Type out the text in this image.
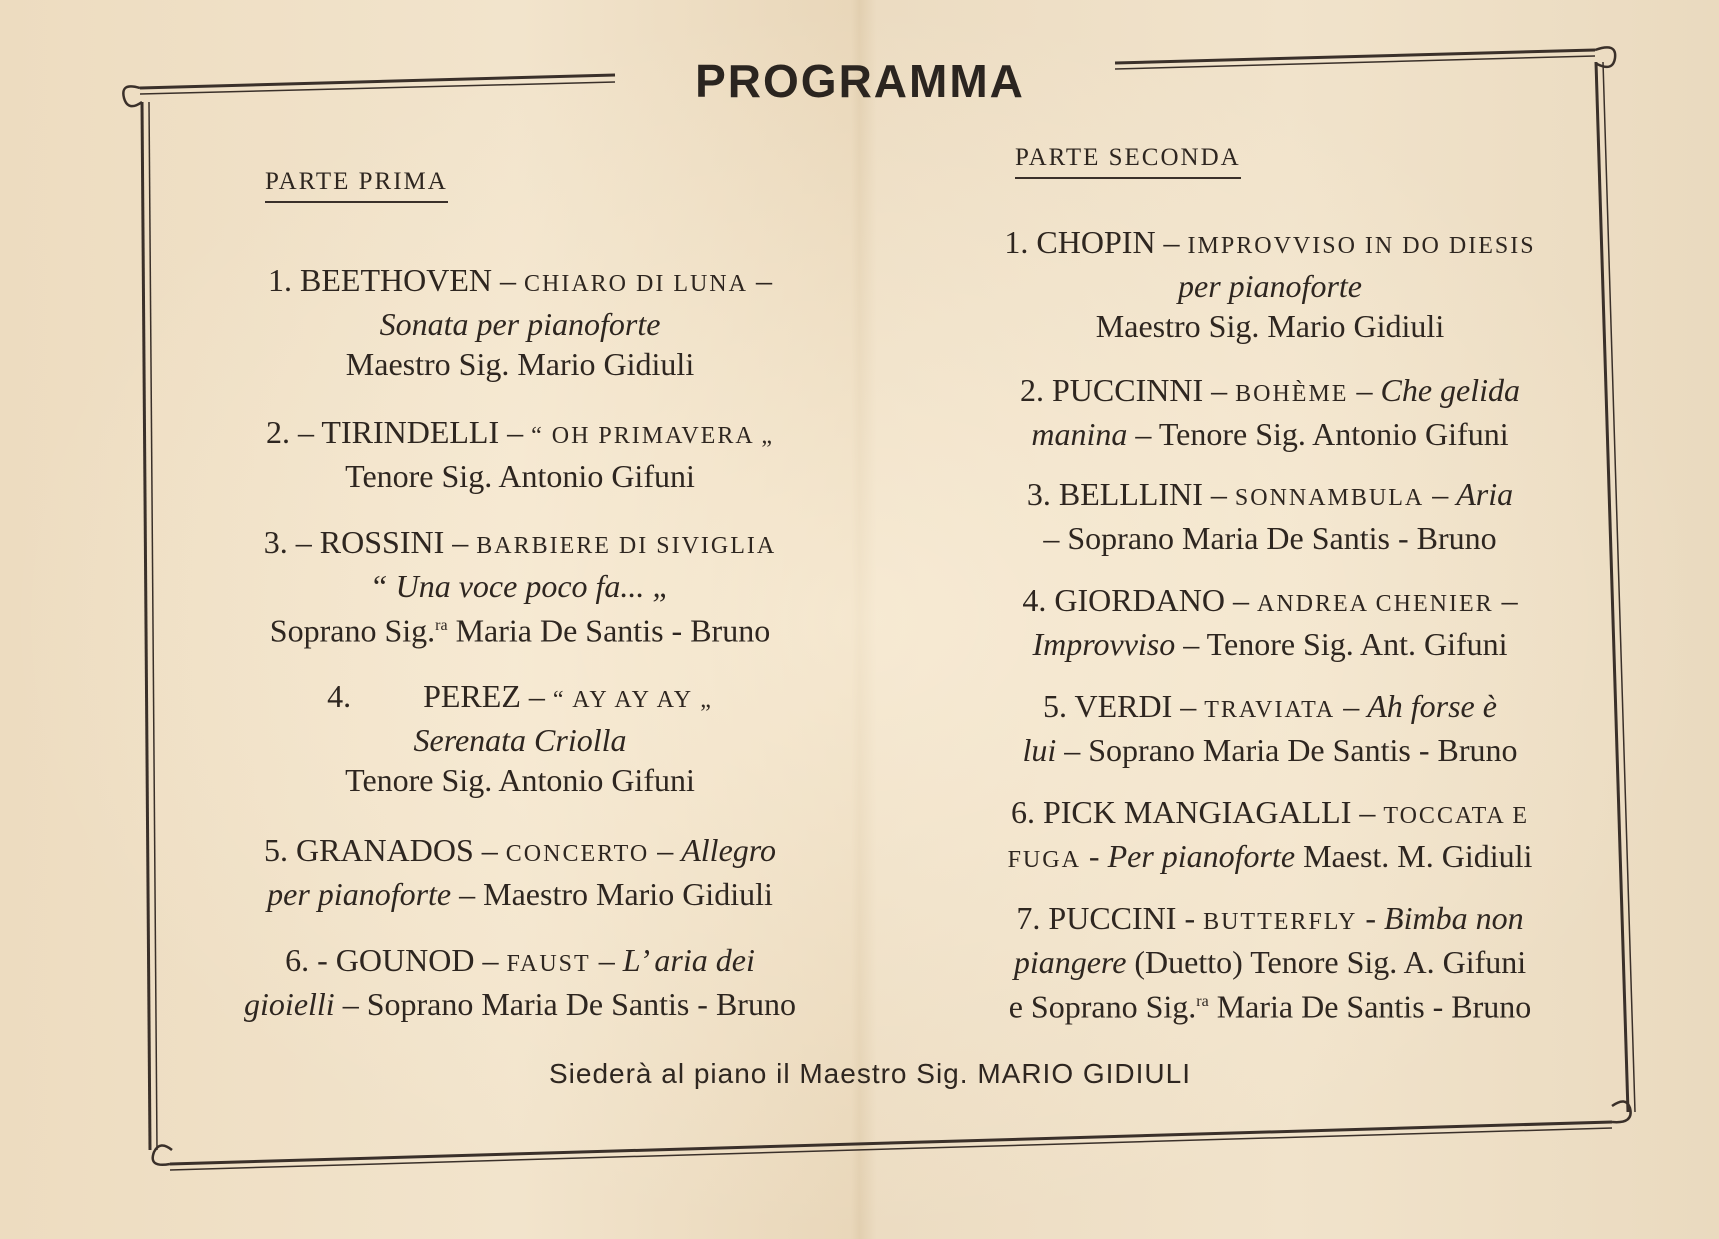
PROGRAMMA
PARTE PRIMA
1. BEETHOVEN – CHIARO DI LUNA –
Sonata per pianoforte
Maestro Sig. Mario Gidiuli
2. – TIRINDELLI – “ OH PRIMAVERA „
Tenore Sig. Antonio Gifuni
3. – ROSSINI – BARBIERE DI SIVIGLIA
“ Una voce poco fa... „
Soprano Sig.$^{ra}$ Maria De Santis - Bruno
4. PEREZ – “ AY AY AY „
Serenata Criolla
Tenore Sig. Antonio Gifuni
5. GRANADOS – CONCERTO – Allegro
per pianoforte – Maestro Mario Gidiuli
6. - GOUNOD – FAUST – L’ aria dei
gioielli – Soprano Maria De Santis - Bruno
PARTE SECONDA
1. CHOPIN – IMPROVVISO IN DO DIESIS
per pianoforte
Maestro Sig. Mario Gidiuli
2. PUCCINNI – BOHÈME – Che gelida
manina – Tenore Sig. Antonio Gifuni
3. BELLLINI – SONNAMBULA – Aria
– Soprano Maria De Santis - Bruno
4. GIORDANO – ANDREA CHENIER –
Improvviso – Tenore Sig. Ant. Gifuni
5. VERDI – TRAVIATA – Ah forse è
lui – Soprano Maria De Santis - Bruno
6. PICK MANGIAGALLI – TOCCATA E
FUGA - Per pianoforte Maest. M. Gidiuli
7. PUCCINI - BUTTERFLY - Bimba non
piangere (Duetto) Tenore Sig. A. Gifuni
e Soprano Sig.$^{ra}$ Maria De Santis - Bruno
Siederà al piano il Maestro Sig. MARIO GIDIULI
